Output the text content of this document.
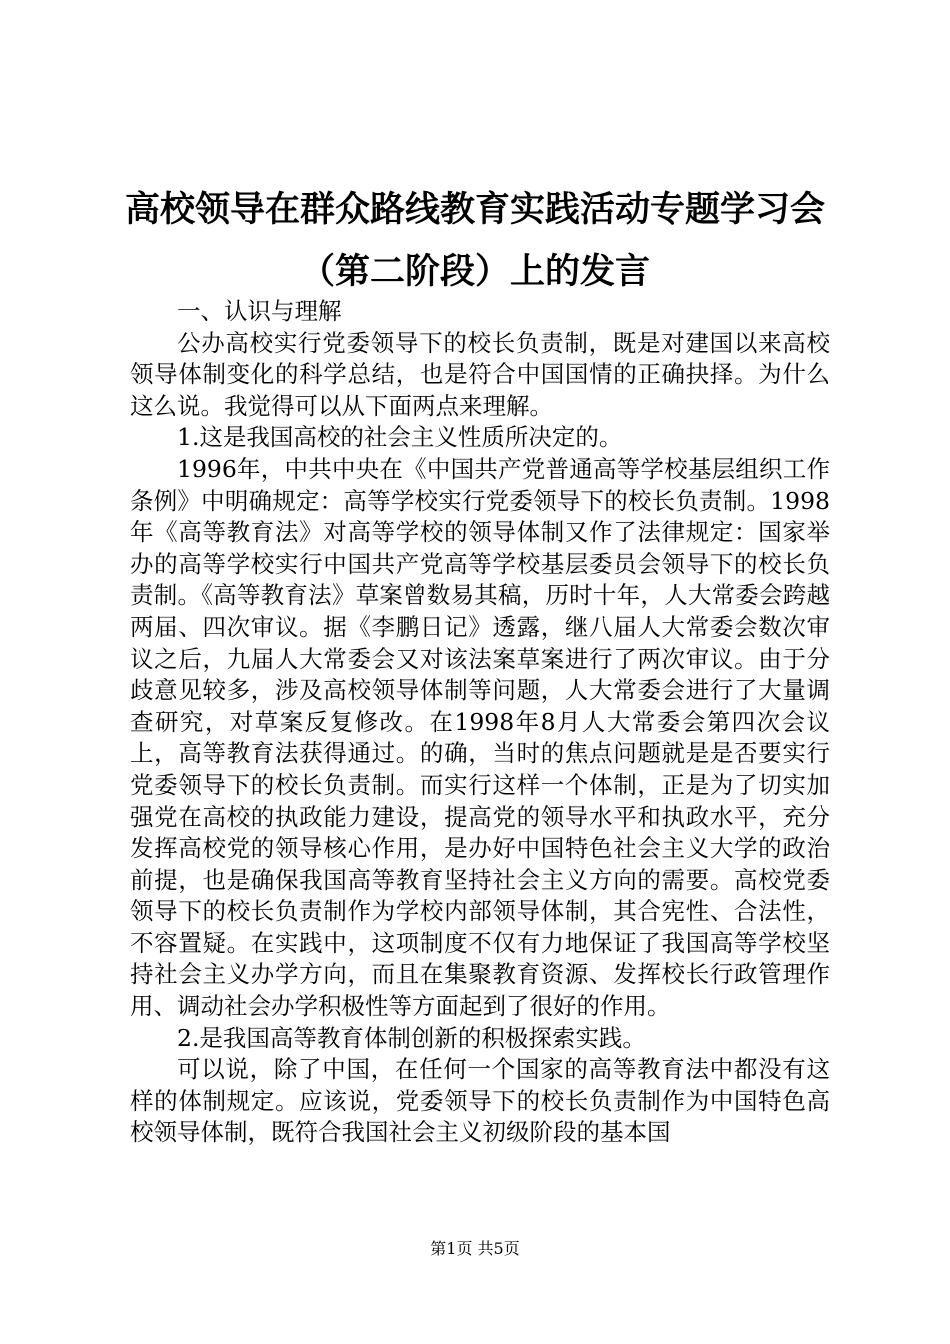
高校领导在群众路线教育实践活动专题学习会
（第二阶段）上的发言

一、认识与理解

公办高校实行党委领导下的校长负责制，既是对建国以来高校领导体制变化的科学总结，也是符合中国国情的正确抉择。为什么这么说。我觉得可以从下面两点来理解。

1.这是我国高校的社会主义性质所决定的。

1996年，中共中央在《中国共产党普通高等学校基层组织工作条例》中明确规定：高等学校实行党委领导下的校长负责制。1998年《高等教育法》对高等学校的领导体制又作了法律规定：国家举办的高等学校实行中国共产党高等学校基层委员会领导下的校长负责制。《高等教育法》草案曾数易其稿，历时十年，人大常委会跨越两届、四次审议。据《李鹏日记》透露，继八届人大常委会数次审议之后，九届人大常委会又对该法案草案进行了两次审议。由于分歧意见较多，涉及高校领导体制等问题，人大常委会进行了大量调查研究，对草案反复修改。在1998年8月人大常委会第四次会议上，高等教育法获得通过。的确，当时的焦点问题就是是否要实行党委领导下的校长负责制。而实行这样一个体制，正是为了切实加强党在高校的执政能力建设，提高党的领导水平和执政水平，充分发挥高校党的领导核心作用，是办好中国特色社会主义大学的政治前提，也是确保我国高等教育坚持社会主义方向的需要。高校党委领导下的校长负责制作为学校内部领导体制，其合宪性、合法性，不容置疑。在实践中，这项制度不仅有力地保证了我国高等学校坚持社会主义办学方向，而且在集聚教育资源、发挥校长行政管理作用、调动社会办学积极性等方面起到了很好的作用。

2.是我国高等教育体制创新的积极探索实践。

可以说，除了中国，在任何一个国家的高等教育法中都没有这样的体制规定。应该说，党委领导下的校长负责制作为中国特色高校领导体制，既符合我国社会主义初级阶段的基本国

第1页 共5页
